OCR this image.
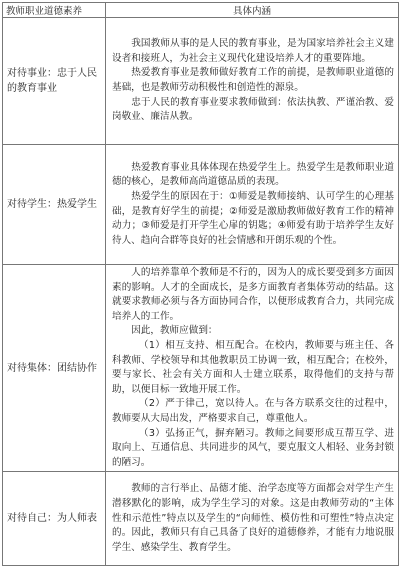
教师职业道德素养	具体内涵
对待事业：忠于人民的教育事业	我国教师从事的是人民的教育事业，是为国家培养社会主义建设者和接班人，为社会主义现代化建设培养人才的重要阵地。

热爱教育事业是教师做好教育工作的前提，是教师职业道德的基础，也是教师劳动积极性和创造性的源泉。

忠于人民的教育事业要求教师做到：依法执教、严谨治教、爱岗敬业、廉洁从教。

对待学生：热爱学生	热爱教育事业具体体现在热爱学生上。热爱学生是教师职业道德的核心，是教师高尚道德品质的表现。

热爱学生的原因在于：①师爱是教师接纳、认可学生的心理基础，是教育好学生的前提；②师爱是激励教师做好教育工作的精神动力；③师爱是打开学生心扉的钥匙；④师爱有助于培养学生友好待人、趋向合群等良好的社会情感和开朗乐观的个性。

对待集体：团结协作	人的培养靠单个教师是不行的，因为人的成长要受到多方面因素的影响。人才的全面成长，是多方面教育者集体劳动的结晶。这就要求教师必须与各方面协同合作，以便形成教育合力，共同完成培养人的工作。

因此，教师应做到：

（1）相互支持、相互配合。在校内，教师要与班主任、各科教师、学校领导和其他教职员工协调一致，相互配合；在校外，要与家长、社会有关方面和人士建立联系，取得他们的支持与帮助，以便目标一致地开展工作。

（2）严于律己，宽以待人。在与各方联系交往的过程中，教师要从大局出发，严格要求自己，尊重他人。

（3）弘扬正气，摒弃陋习。教师之间要形成互帮互学、进取向上、互通信息、共同进步的风气，要克服文人相轻、业务封锁的陋习。

对待自己：为人师表	教师的言行举止、品德才能、治学态度等方面都会对学生产生潜移默化的影响，成为学生学习的对象。这是由教师劳动的“主体性和示范性”特点以及学生的“向师性、模仿性和可塑性”特点决定的。因此，教师只有自己具备了良好的道德修养，才能有力地说服学生、感染学生、教育学生。
